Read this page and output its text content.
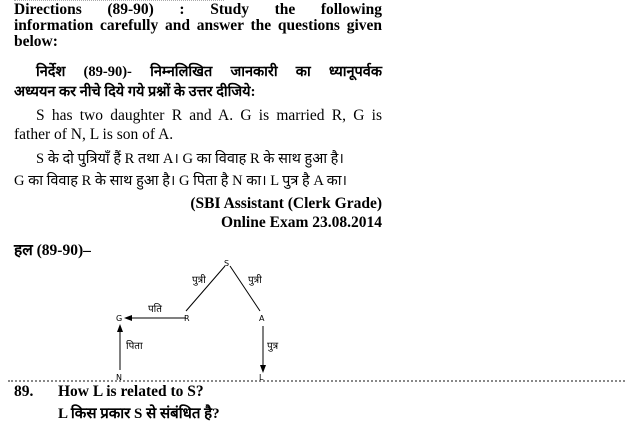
Directions (89-90) : Study the following
information carefully and answer the questions given
below:
निर्देश (89-90)- निम्नलिखित जानकारी का ध्यानूपर्वक
अध्ययन कर नीचे दिये गये प्रश्नों के उत्तर दीजिये:
S has two daughter R and A. G is married R, G is
father of N, L is son of A.
S के दो पुत्रियाँ हैं R तथा A। G का विवाह R के साथ हुआ है।
G का विवाह R के साथ हुआ है। G पिता है N का। L पुत्र है A का।
(SBI Assistant (Clerk Grade)
Online Exam 23.08.2014
हल (89-90)–
S
R	A
G
N	L
पुत्री	पुत्री
पति
पिता	पुत्र
89. How L is related to S?
L किस प्रकार S से संबंधित है?
